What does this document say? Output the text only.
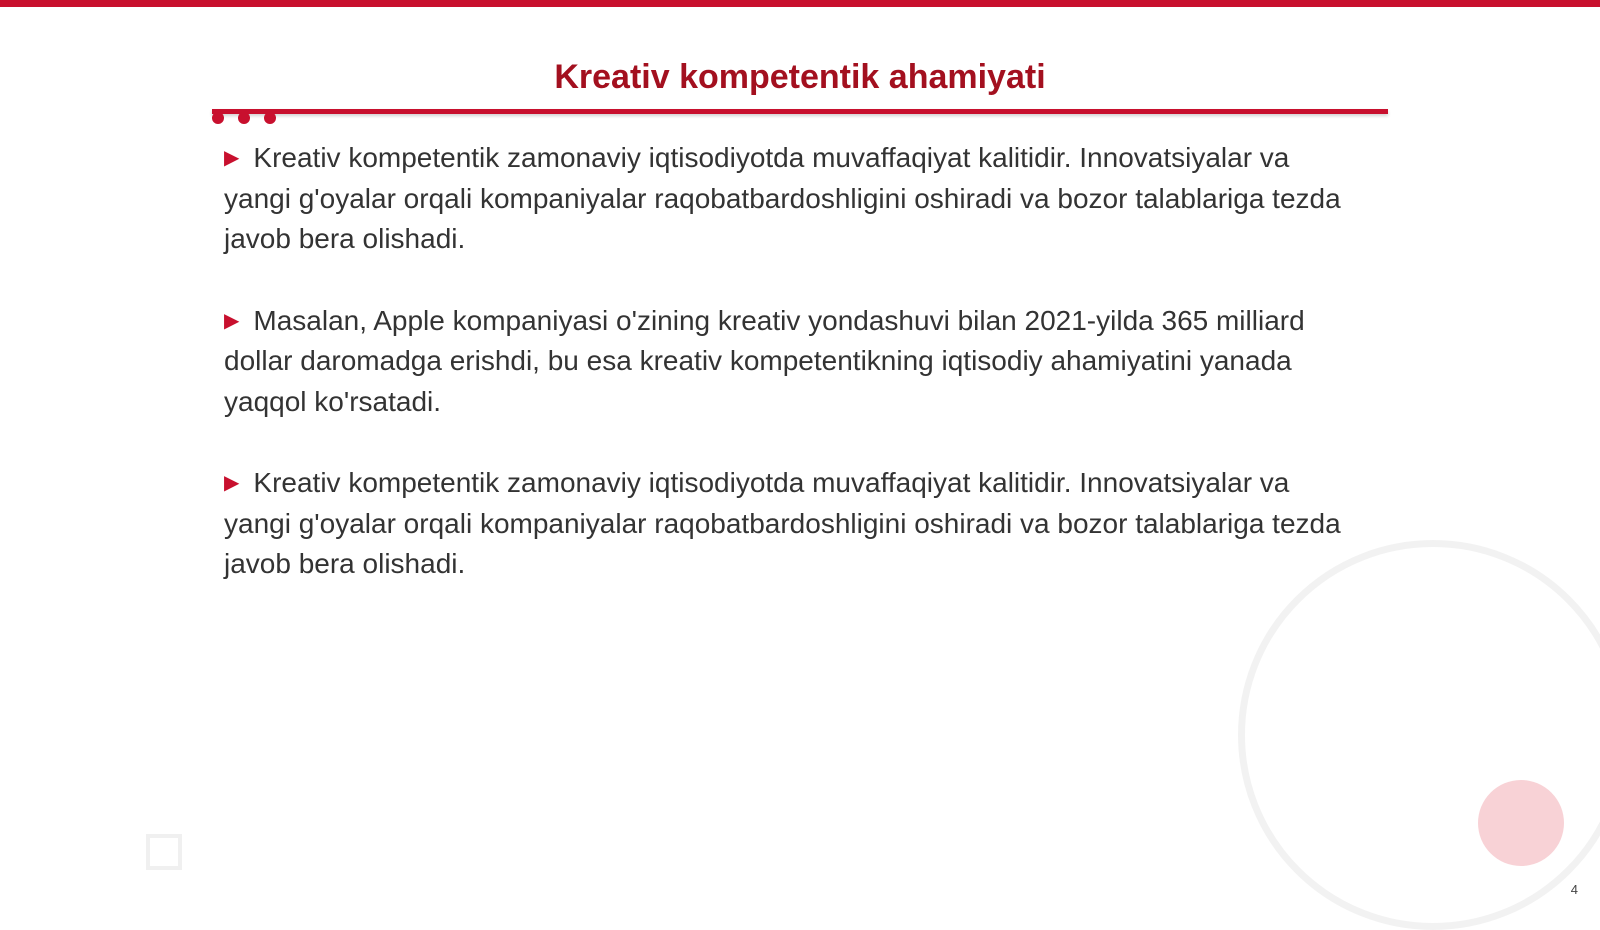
Kreativ kompetentik ahamiyati
▶ Kreativ kompetentik zamonaviy iqtisodiyotda muvaffaqiyat kalitidir. Innovatsiyalar va yangi g'oyalar orqali kompaniyalar raqobatbardoshligini oshiradi va bozor talablariga tezda javob bera olishadi.
▶ Masalan, Apple kompaniyasi o'zining kreativ yondashuvi bilan 2021-yilda 365 milliard dollar daromadga erishdi, bu esa kreativ kompetentikning iqtisodiy ahamiyatini yanada yaqqol ko'rsatadi.
▶ Kreativ kompetentik zamonaviy iqtisodiyotda muvaffaqiyat kalitidir. Innovatsiyalar va yangi g'oyalar orqali kompaniyalar raqobatbardoshligini oshiradi va bozor talablariga tezda javob bera olishadi.
4
